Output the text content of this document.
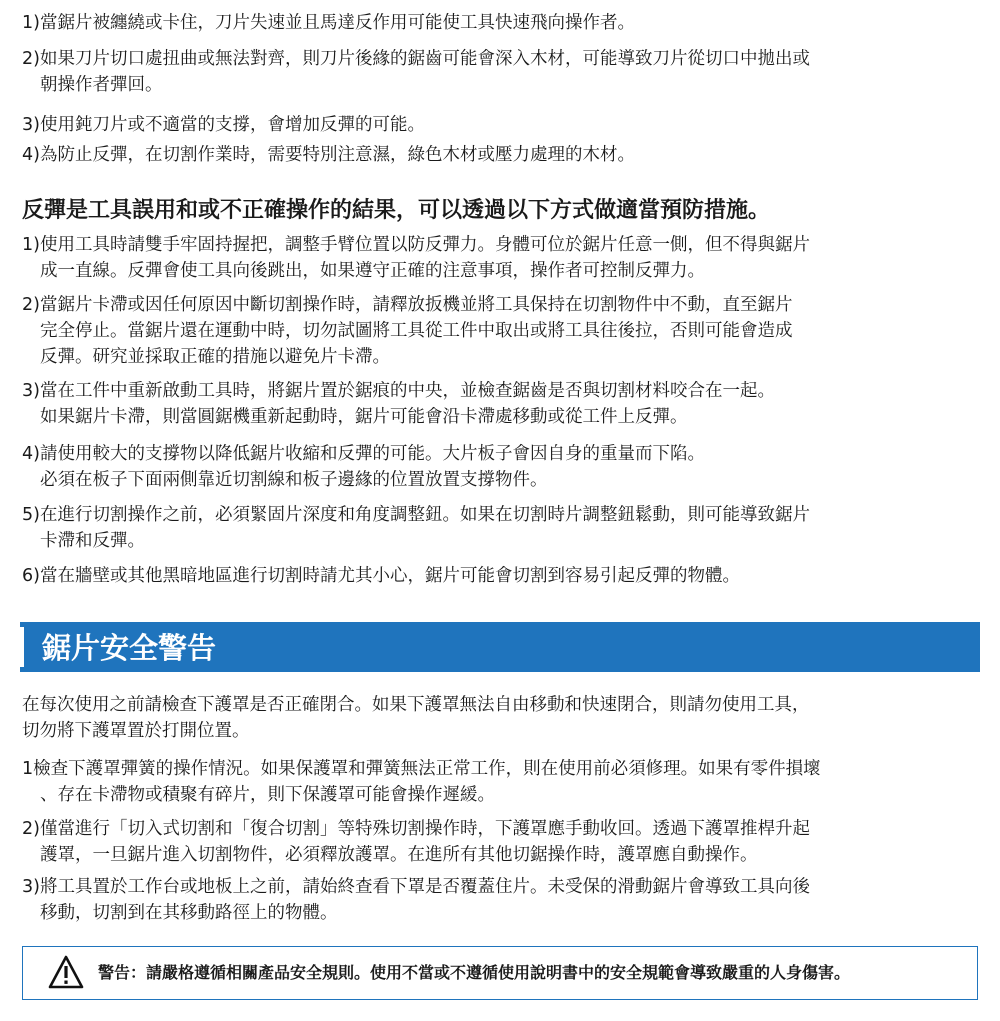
1)當鋸片被纏繞或卡住，刀片失速並且馬達反作用可能使工具快速飛向操作者。

2)如果刀片切口處扭曲或無法對齊，則刀片後緣的鋸齒可能會深入木材，可能導致刀片從切口中拋出或
朝操作者彈回。

3)使用鈍刀片或不適當的支撐，會增加反彈的可能。

4)為防止反彈，在切割作業時，需要特別注意濕，綠色木材或壓力處理的木材。

反彈是工具誤用和或不正確操作的結果，可以透過以下方式做適當預防措施。

1)使用工具時請雙手牢固持握把，調整手臂位置以防反彈力。身體可位於鋸片任意一側，但不得與鋸片
成一直線。反彈會使工具向後跳出，如果遵守正確的注意事項，操作者可控制反彈力。

2)當鋸片卡滯或因任何原因中斷切割操作時，請釋放扳機並將工具保持在切割物件中不動，直至鋸片
完全停止。當鋸片還在運動中時，切勿試圖將工具從工件中取出或將工具往後拉，否則可能會造成
反彈。研究並採取正確的措施以避免片卡滯。

3)當在工件中重新啟動工具時，將鋸片置於鋸痕的中央，並檢查鋸齒是否與切割材料咬合在一起。
如果鋸片卡滯，則當圓鋸機重新起動時，鋸片可能會沿卡滯處移動或從工件上反彈。

4)請使用較大的支撐物以降低鋸片收縮和反彈的可能。大片板子會因自身的重量而下陷。
必須在板子下面兩側靠近切割線和板子邊緣的位置放置支撐物件。

5)在進行切割操作之前，必須緊固片深度和角度調整鈕。如果在切割時片調整鈕鬆動，則可能導致鋸片
卡滯和反彈。

6)當在牆壁或其他黑暗地區進行切割時請尤其小心，鋸片可能會切割到容易引起反彈的物體。

鋸片安全警告

在每次使用之前請檢查下護罩是否正確閉合。如果下護罩無法自由移動和快速閉合，則請勿使用工具，
切勿將下護罩置於打開位置。

1檢查下護罩彈簧的操作情況。如果保護罩和彈簧無法正常工作，則在使用前必須修理。如果有零件損壞
、存在卡滯物或積聚有碎片，則下保護罩可能會操作遲緩。

2)僅當進行「切入式切割和「復合切割」等特殊切割操作時，下護罩應手動收回。透過下護罩推桿升起
護罩，一旦鋸片進入切割物件，必須釋放護罩。在進所有其他切鋸操作時，護罩應自動操作。

3)將工具置於工作台或地板上之前，請始終查看下罩是否覆蓋住片。未受保的滑動鋸片會導致工具向後
移動，切割到在其移動路徑上的物體。

警告：請嚴格遵循相關產品安全規則。使用不當或不遵循使用說明書中的安全規範會導致嚴重的人身傷害。
